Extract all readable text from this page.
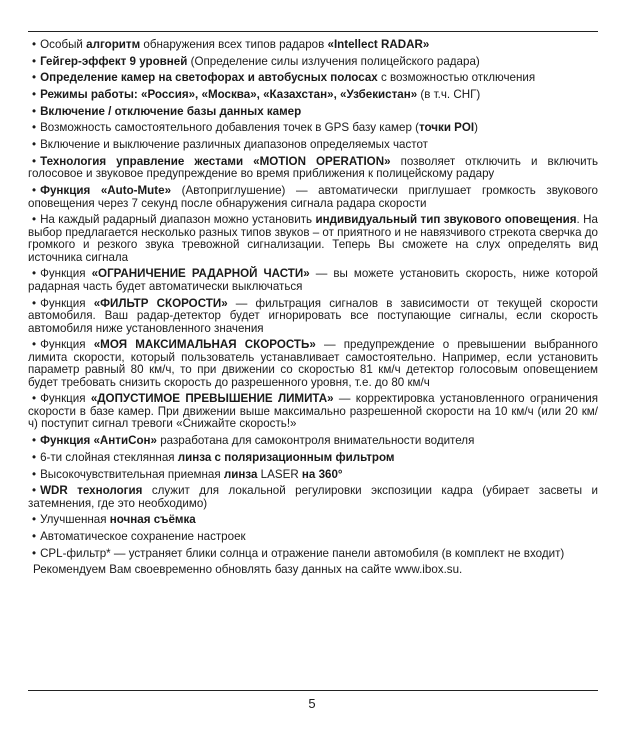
• Особый алгоритм обнаружения всех типов радаров «Intellect RADAR»
• Гейгер-эффект 9 уровней (Определение силы излучения полицейского радара)
• Определение камер на светофорах и автобусных полосах с возможностью отключения
• Режимы работы: «Россия», «Москва», «Казахстан», «Узбекистан» (в т.ч. СНГ)
• Включение / отключение базы данных камер
• Возможность самостоятельного добавления точек в GPS базу камер (точки POI)
• Включение и выключение различных диапазонов определяемых частот
• Технология управление жестами «MOTION OPERATION» позволяет отключить и включить голосовое и звуковое предупреждение во время приближения к полицейскому радару
• Функция «Auto-Mute» (Автоприглушение) — автоматически приглушает громкость звукового оповещения через 7 секунд после обнаружения сигнала радара скорости
• На каждый радарный диапазон можно установить индивидуальный тип звукового оповещения. На выбор предлагается несколько разных типов звуков – от приятного и не навязчивого стрекота сверчка до громкого и резкого звука тревожной сигнализации. Теперь Вы сможете на слух определять вид источника сигнала
• Функция «ОГРАНИЧЕНИЕ РАДАРНОЙ ЧАСТИ» — вы можете установить скорость, ниже которой радарная часть будет автоматически выключаться
• Функция «ФИЛЬТР СКОРОСТИ» — фильтрация сигналов в зависимости от текущей скорости автомобиля. Ваш радар-детектор будет игнорировать все поступающие сигналы, если скорость автомобиля ниже установленного значения
• Функция «МОЯ МАКСИМАЛЬНАЯ СКОРОСТЬ» — предупреждение о превышении выбранного лимита скорости, который пользователь устанавливает самостоятельно. Например, если установить параметр равный 80 км/ч, то при движении со скоростью 81 км/ч детектор голосовым оповещением будет требовать снизить скорость до разрешенного уровня, т.е. до 80 км/ч
• Функция «ДОПУСТИМОЕ ПРЕВЫШЕНИЕ ЛИМИТА» — корректировка установленного ограничения скорости в базе камер. При движении выше максимально разрешенной скорости на 10 км/ч (или 20 км/ч) поступит сигнал тревоги «Снижайте скорость!»
• Функция «АнтиСон» разработана для самоконтроля внимательности водителя
• 6-ти слойная стеклянная линза с поляризационным фильтром
• Высокочувствительная приемная линза LASER на 360°
• WDR технология служит для локальной регулировки экспозиции кадра (убирает засветы и затемнения, где это необходимо)
• Улучшенная ночная съёмка
• Автоматическое сохранение настроек
• CPL-фильтр* — устраняет блики солнца и отражение панели автомобиля (в комплект не входит)
Рекомендуем Вам своевременно обновлять базу данных на сайте www.ibox.su.
5
